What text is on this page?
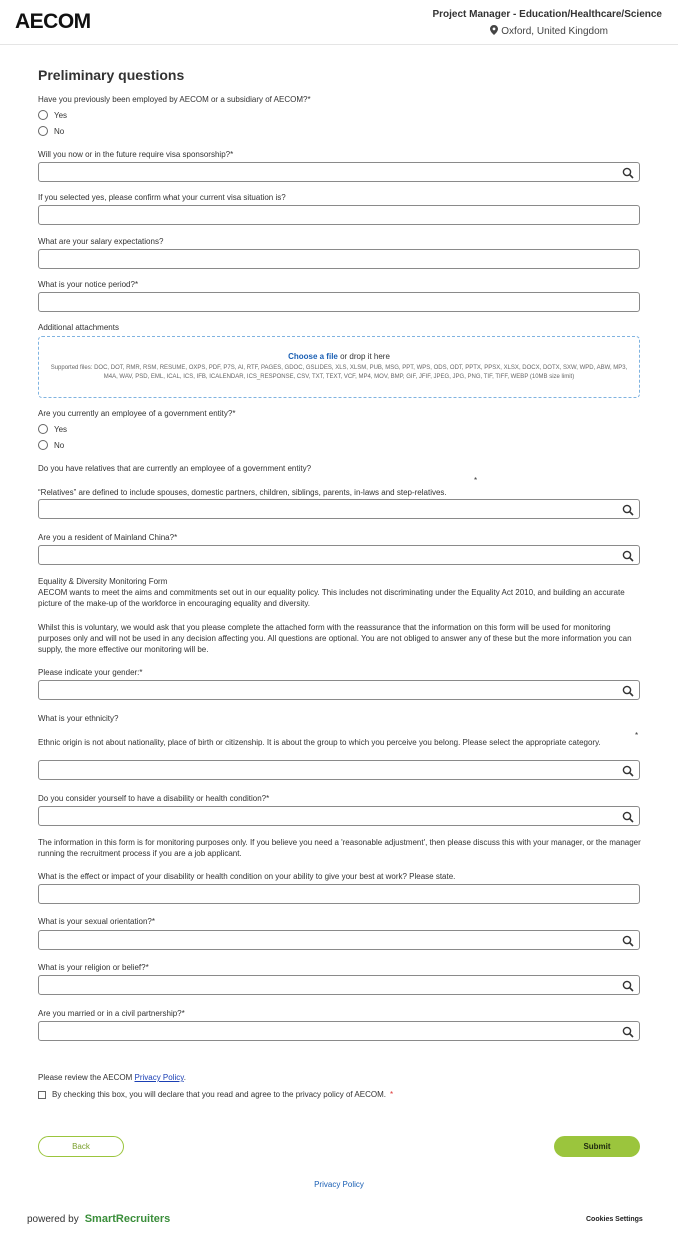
AECOM	Project Manager - Education/Healthcare/Science
Oxford, United Kingdom
Preliminary questions
Have you previously been employed by AECOM or a subsidiary of AECOM?*
Yes
No
Will you now or in the future require visa sponsorship?*
If you selected yes, please confirm what your current visa situation is?
What are your salary expectations?
What is your notice period?*
Additional attachments
Choose a file or drop it here
Supported files: DOC, DOT, RMR, RSM, RESUME, OXPS, PDF, P7S, AI, RTF, PAGES, GDOC, GSLIDES, XLS, XLSM, PUB, MSG, PPT, WPS, ODS, ODT, PPTX, PPSX, XLSX, DOCX, DOTX, SXW, WPD, ABW, MP3, M4A, WAV, PSD, EML, ICAL, ICS, IFB, ICALENDAR, ICS_RESPONSE, CSV, TXT, TEXT, VCF, MP4, MOV, BMP, GIF, JFIF, JPEG, JPG, PNG, TIF, TIFF, WEBP (10MB size limit)
Are you currently an employee of a government entity?*
Yes
No
Do you have relatives that are currently an employee of a government entity?
*
“Relatives” are defined to include spouses, domestic partners, children, siblings, parents, in-laws and step-relatives.
Are you a resident of Mainland China?*
Equality & Diversity Monitoring Form
AECOM wants to meet the aims and commitments set out in our equality policy. This includes not discriminating under the Equality Act 2010, and building an accurate picture of the make-up of the workforce in encouraging equality and diversity.
Whilst this is voluntary, we would ask that you please complete the attached form with the reassurance that the information on this form will be used for monitoring purposes only and will not be used in any decision affecting you. All questions are optional. You are not obliged to answer any of these but the more information you can supply, the more effective our monitoring will be.
Please indicate your gender:*
What is your ethnicity?
*
Ethnic origin is not about nationality, place of birth or citizenship. It is about the group to which you perceive you belong. Please select the appropriate category.
Do you consider yourself to have a disability or health condition?*
The information in this form is for monitoring purposes only. If you believe you need a 'reasonable adjustment', then please discuss this with your manager, or the manager running the recruitment process if you are a job applicant.
What is the effect or impact of your disability or health condition on your ability to give your best at work? Please state.
What is your sexual orientation?*
What is your religion or belief?*
Are you married or in a civil partnership?*
Please review the AECOM Privacy Policy.
By checking this box, you will declare that you read and agree to the privacy policy of AECOM. *
Back	Submit
Privacy Policy
powered by SmartRecruiters	Cookies Settings
